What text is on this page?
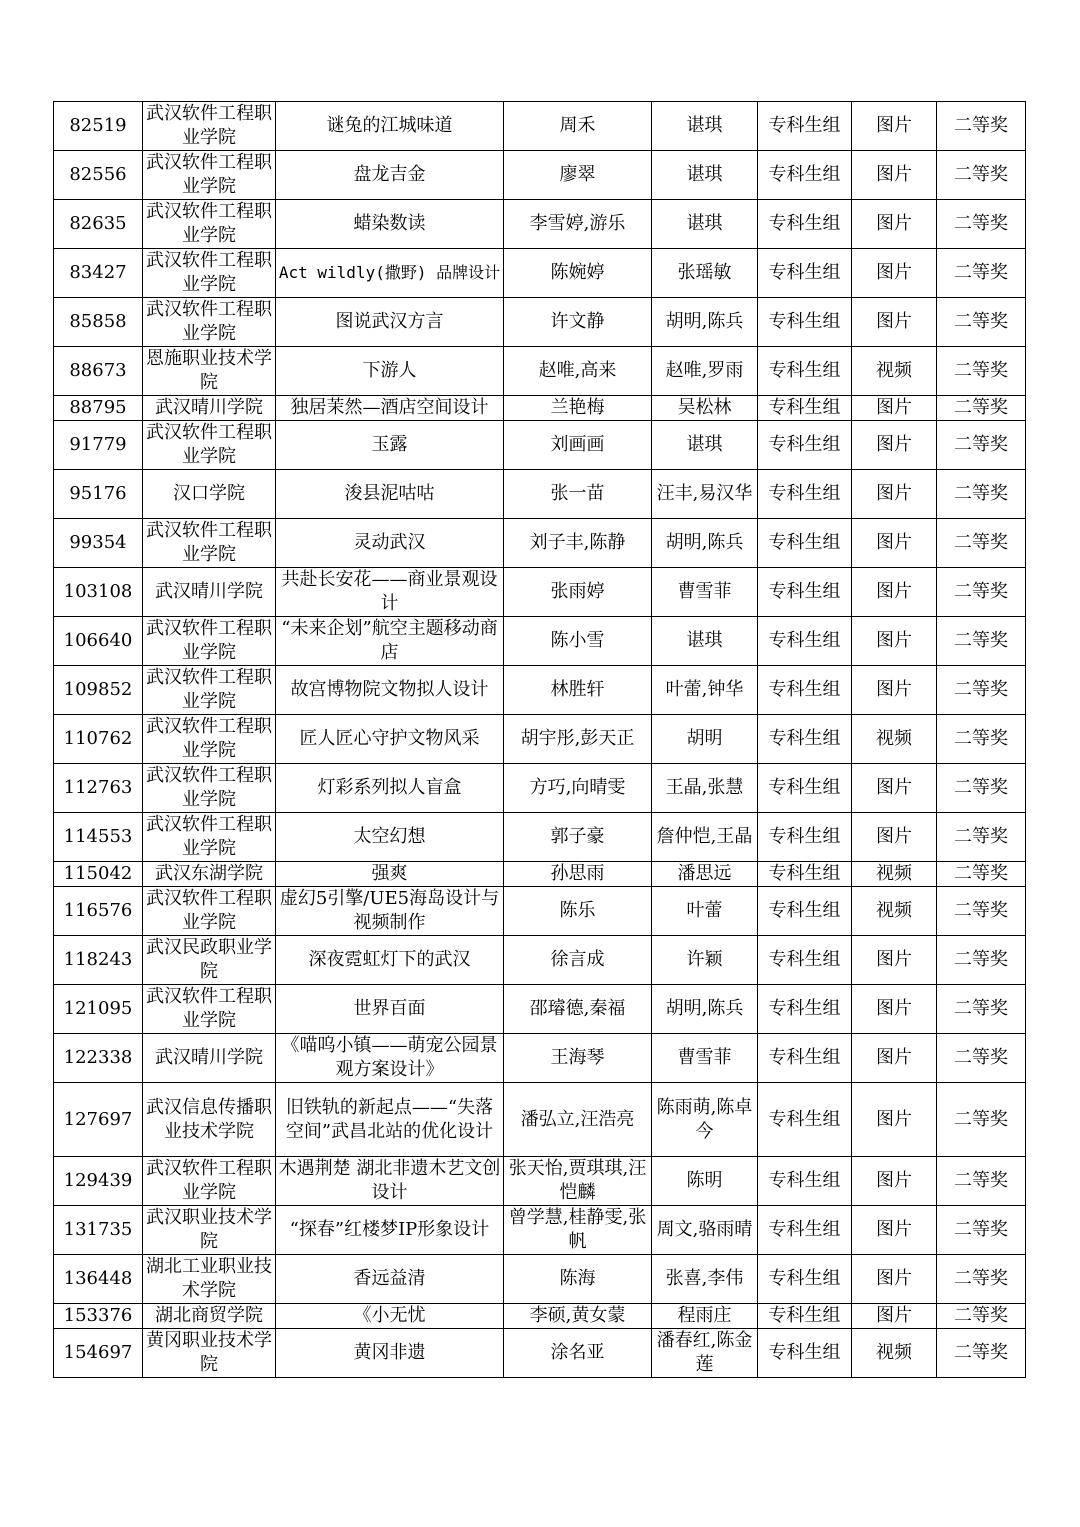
82519	武汉软件工程职业学院	谜兔的江城味道	周禾	谌琪	专科生组	图片	二等奖
82556	武汉软件工程职业学院	盘龙吉金	廖翠	谌琪	专科生组	图片	二等奖
82635	武汉软件工程职业学院	蜡染数读	李雪婷,游乐	谌琪	专科生组	图片	二等奖
83427	武汉软件工程职业学院	Act wildly(撒野) 品牌设计	陈婉婷	张瑶敏	专科生组	图片	二等奖
85858	武汉软件工程职业学院	图说武汉方言	许文静	胡明,陈兵	专科生组	图片	二等奖
88673	恩施职业技术学院	下游人	赵唯,高来	赵唯,罗雨	专科生组	视频	二等奖
88795	武汉晴川学院	独居茉然—酒店空间设计	兰艳梅	吴松林	专科生组	图片	二等奖
91779	武汉软件工程职业学院	玉露	刘画画	谌琪	专科生组	图片	二等奖
95176	汉口学院	浚县泥咕咕	张一苗	汪丰,易汉华	专科生组	图片	二等奖
99354	武汉软件工程职业学院	灵动武汉	刘子丰,陈静	胡明,陈兵	专科生组	图片	二等奖
103108	武汉晴川学院	共赴长安花——商业景观设计	张雨婷	曹雪菲	专科生组	图片	二等奖
106640	武汉软件工程职业学院	“未来企划”航空主题移动商店	陈小雪	谌琪	专科生组	图片	二等奖
109852	武汉软件工程职业学院	故宫博物院文物拟人设计	林胜轩	叶蕾,钟华	专科生组	图片	二等奖
110762	武汉软件工程职业学院	匠人匠心守护文物风采	胡宇彤,彭天正	胡明	专科生组	视频	二等奖
112763	武汉软件工程职业学院	灯彩系列拟人盲盒	方巧,向晴雯	王晶,张慧	专科生组	图片	二等奖
114553	武汉软件工程职业学院	太空幻想	郭子豪	詹仲恺,王晶	专科生组	图片	二等奖
115042	武汉东湖学院	强爽	孙思雨	潘思远	专科生组	视频	二等奖
116576	武汉软件工程职业学院	虚幻5引擎/UE5海岛设计与视频制作	陈乐	叶蕾	专科生组	视频	二等奖
118243	武汉民政职业学院	深夜霓虹灯下的武汉	徐言成	许颖	专科生组	图片	二等奖
121095	武汉软件工程职业学院	世界百面	邵璿德,秦福	胡明,陈兵	专科生组	图片	二等奖
122338	武汉晴川学院	《喵呜小镇——萌宠公园景观方案设计》	王海琴	曹雪菲	专科生组	图片	二等奖
127697	武汉信息传播职业技术学院	旧铁轨的新起点——“失落空间”武昌北站的优化设计	潘弘立,汪浩亮	陈雨萌,陈卓今	专科生组	图片	二等奖
129439	武汉软件工程职业学院	木遇荆楚 湖北非遗木艺文创设计	张天怡,贾琪琪,汪恺麟	陈明	专科生组	图片	二等奖
131735	武汉职业技术学院	“探春”红楼梦IP形象设计	曾学慧,桂静雯,张帆	周文,骆雨晴	专科生组	图片	二等奖
136448	湖北工业职业技术学院	香远益清	陈海	张喜,李伟	专科生组	图片	二等奖
153376	湖北商贸学院	《小无忧	李硕,黄女蒙	程雨庄	专科生组	图片	二等奖
154697	黄冈职业技术学院	黄冈非遗	涂名亚	潘春红,陈金莲	专科生组	视频	二等奖
